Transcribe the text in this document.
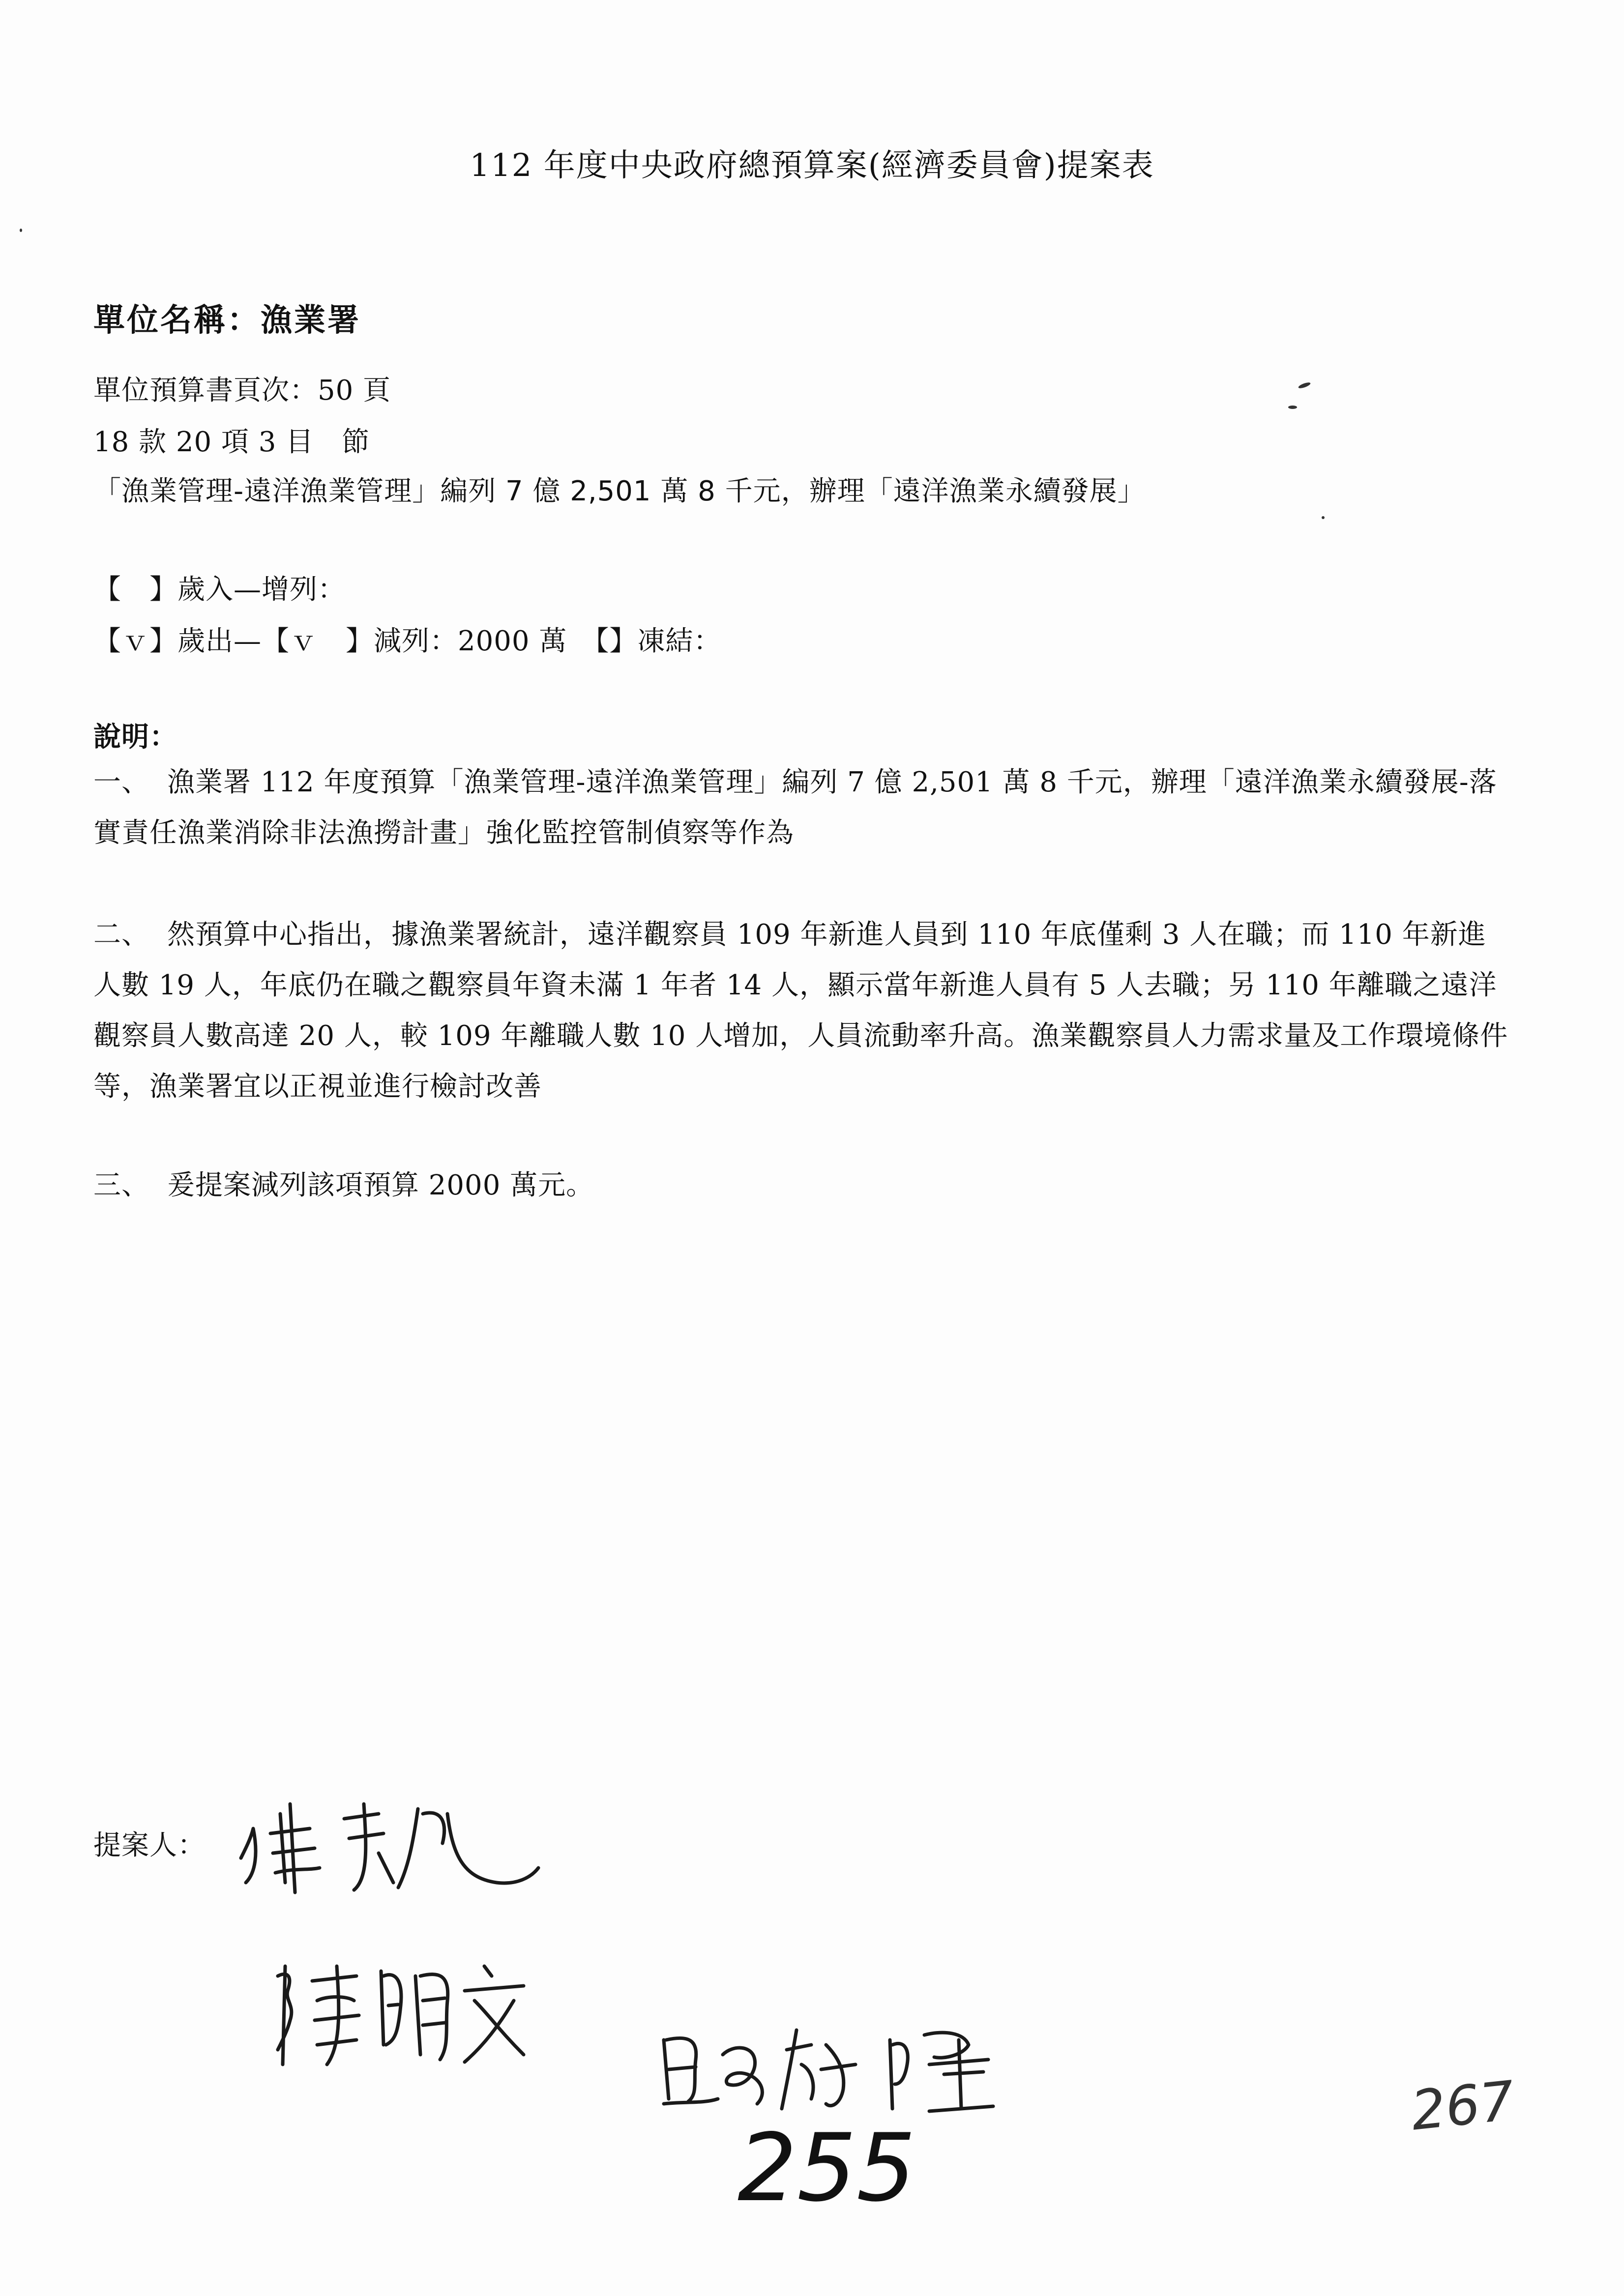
112 年度中央政府總預算案(經濟委員會)提案表
單位名稱：漁業署
單位預算書頁次：50 頁
18 款 20 項 3 目　節
「漁業管理-遠洋漁業管理」編列 7 億 2,501 萬 8 千元，辦理「遠洋漁業永續發展」
【　】歲入—增列：
【ｖ】歲出—【ｖ　】減列：2000 萬　【】凍結：
說明：
一、 漁業署 112 年度預算「漁業管理-遠洋漁業管理」編列 7 億 2,501 萬 8 千元，辦理「遠洋漁業永續發展-落實責任漁業消除非法漁撈計畫」強化監控管制偵察等作為
二、 然預算中心指出，據漁業署統計，遠洋觀察員 109 年新進人員到 110 年底僅剩 3 人在職；而 110 年新進人數 19 人，年底仍在職之觀察員年資未滿 1 年者 14 人，顯示當年新進人員有 5 人去職；另 110 年離職之遠洋觀察員人數高達 20 人，較 109 年離職人數 10 人增加，人員流動率升高。漁業觀察員人力需求量及工作環境條件等，漁業署宜以正視並進行檢討改善
三、 爰提案減列該項預算 2000 萬元。
提案人：
255
267
